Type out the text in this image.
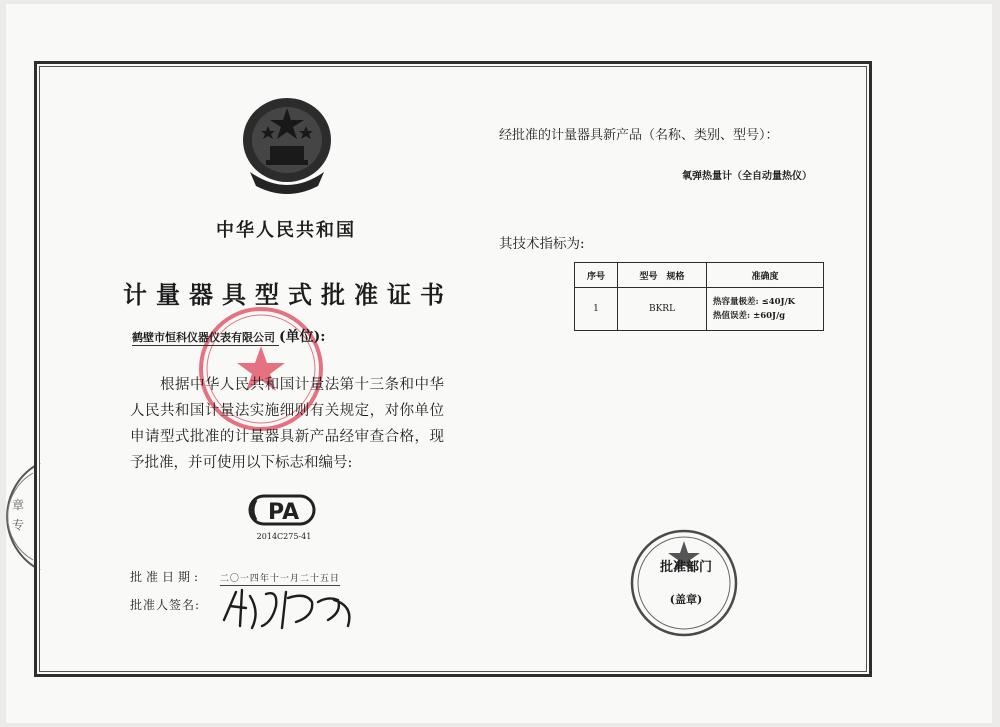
章
专
中华人民共和国
计量器具型式批准证书
鹤壁市恒科仪器仪表有限公司 (单位):
根据中华人民共和国计量法第十三条和中华人民共和国计量法实施细则有关规定，对你单位申请型式批准的计量器具新产品经审查合格，现予批准，并可使用以下标志和编号:
PA
2014C275-41
批准日期: 二〇一四年十一月二十五日
批准人签名:
经批准的计量器具新产品（名称、类别、型号）：
氧弹热量计（全自动量热仪）
其技术指标为:
序号	型号　规格	准确度
1	BKRL	热容量极差: ≤40J/K
热值误差: ±60J/g
批准部门
(盖章)
